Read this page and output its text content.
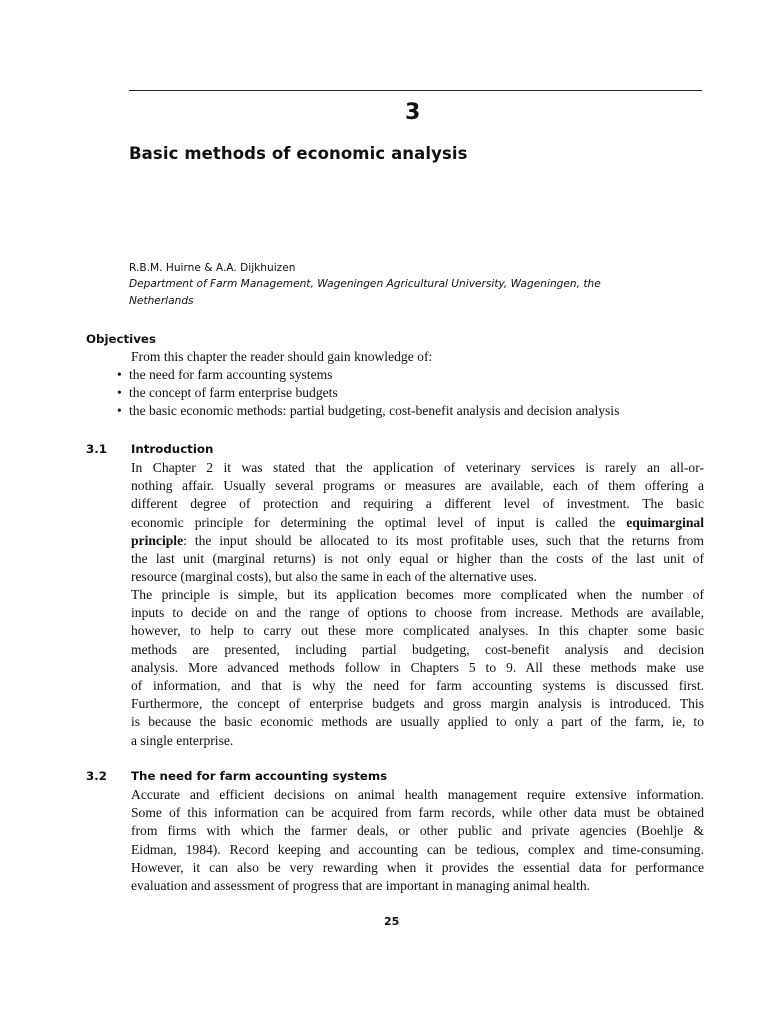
3
Basic methods of economic analysis
R.B.M. Huirne & A.A. Dijkhuizen
Department of Farm Management, Wageningen Agricultural University, Wageningen, the
Netherlands
Objectives
From this chapter the reader should gain knowledge of:
• the need for farm accounting systems
• the concept of farm enterprise budgets
• the basic economic methods: partial budgeting, cost-benefit analysis and decision analysis
3.1 Introduction
In Chapter 2 it was stated that the application of veterinary services is rarely an all-or-
nothing affair. Usually several programs or measures are available, each of them offering a
different degree of protection and requiring a different level of investment. The basic
economic principle for determining the optimal level of input is called the equimarginal
principle: the input should be allocated to its most profitable uses, such that the returns from
the last unit (marginal returns) is not only equal or higher than the costs of the last unit of
resource (marginal costs), but also the same in each of the alternative uses.
The principle is simple, but its application becomes more complicated when the number of
inputs to decide on and the range of options to choose from increase. Methods are available,
however, to help to carry out these more complicated analyses. In this chapter some basic
methods are presented, including partial budgeting, cost-benefit analysis and decision
analysis. More advanced methods follow in Chapters 5 to 9. All these methods make use
of information, and that is why the need for farm accounting systems is discussed first.
Furthermore, the concept of enterprise budgets and gross margin analysis is introduced. This
is because the basic economic methods are usually applied to only a part of the farm, ie, to
a single enterprise.
3.2 The need for farm accounting systems
Accurate and efficient decisions on animal health management require extensive information.
Some of this information can be acquired from farm records, while other data must be obtained
from firms with which the farmer deals, or other public and private agencies (Boehlje &
Eidman, 1984). Record keeping and accounting can be tedious, complex and time-consuming.
However, it can also be very rewarding when it provides the essential data for performance
evaluation and assessment of progress that are important in managing animal health.
25
